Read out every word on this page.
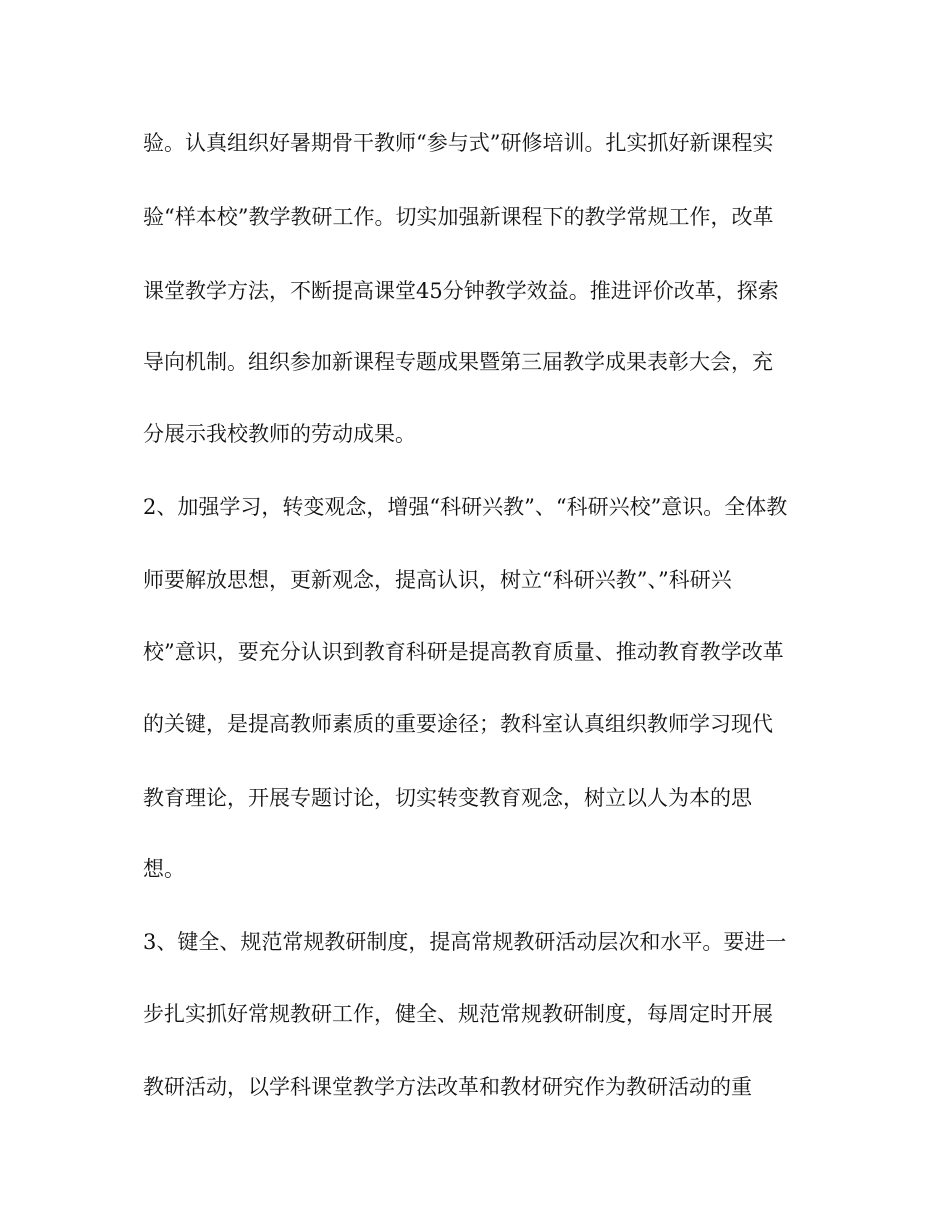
验。认真组织好暑期骨干教师“参与式”研修培训。扎实抓好新课程实
验“样本校”教学教研工作。切实加强新课程下的教学常规工作，改革
课堂教学方法，不断提高课堂45分钟教学效益。推进评价改革，探索
导向机制。组织参加新课程专题成果暨第三届教学成果表彰大会，充
分展示我校教师的劳动成果。
2、加强学习，转变观念，增强“科研兴教”、“科研兴校”意识。全体教
师要解放思想，更新观念，提高认识，树立“科研兴教”、”科研兴
校”意识，要充分认识到教育科研是提高教育质量、推动教育教学改革
的关键，是提高教师素质的重要途径；教科室认真组织教师学习现代
教育理论，开展专题讨论，切实转变教育观念，树立以人为本的思
想。
3、键全、规范常规教研制度，提高常规教研活动层次和水平。要进一
步扎实抓好常规教研工作，健全、规范常规教研制度，每周定时开展
教研活动，以学科课堂教学方法改革和教材研究作为教研活动的重
